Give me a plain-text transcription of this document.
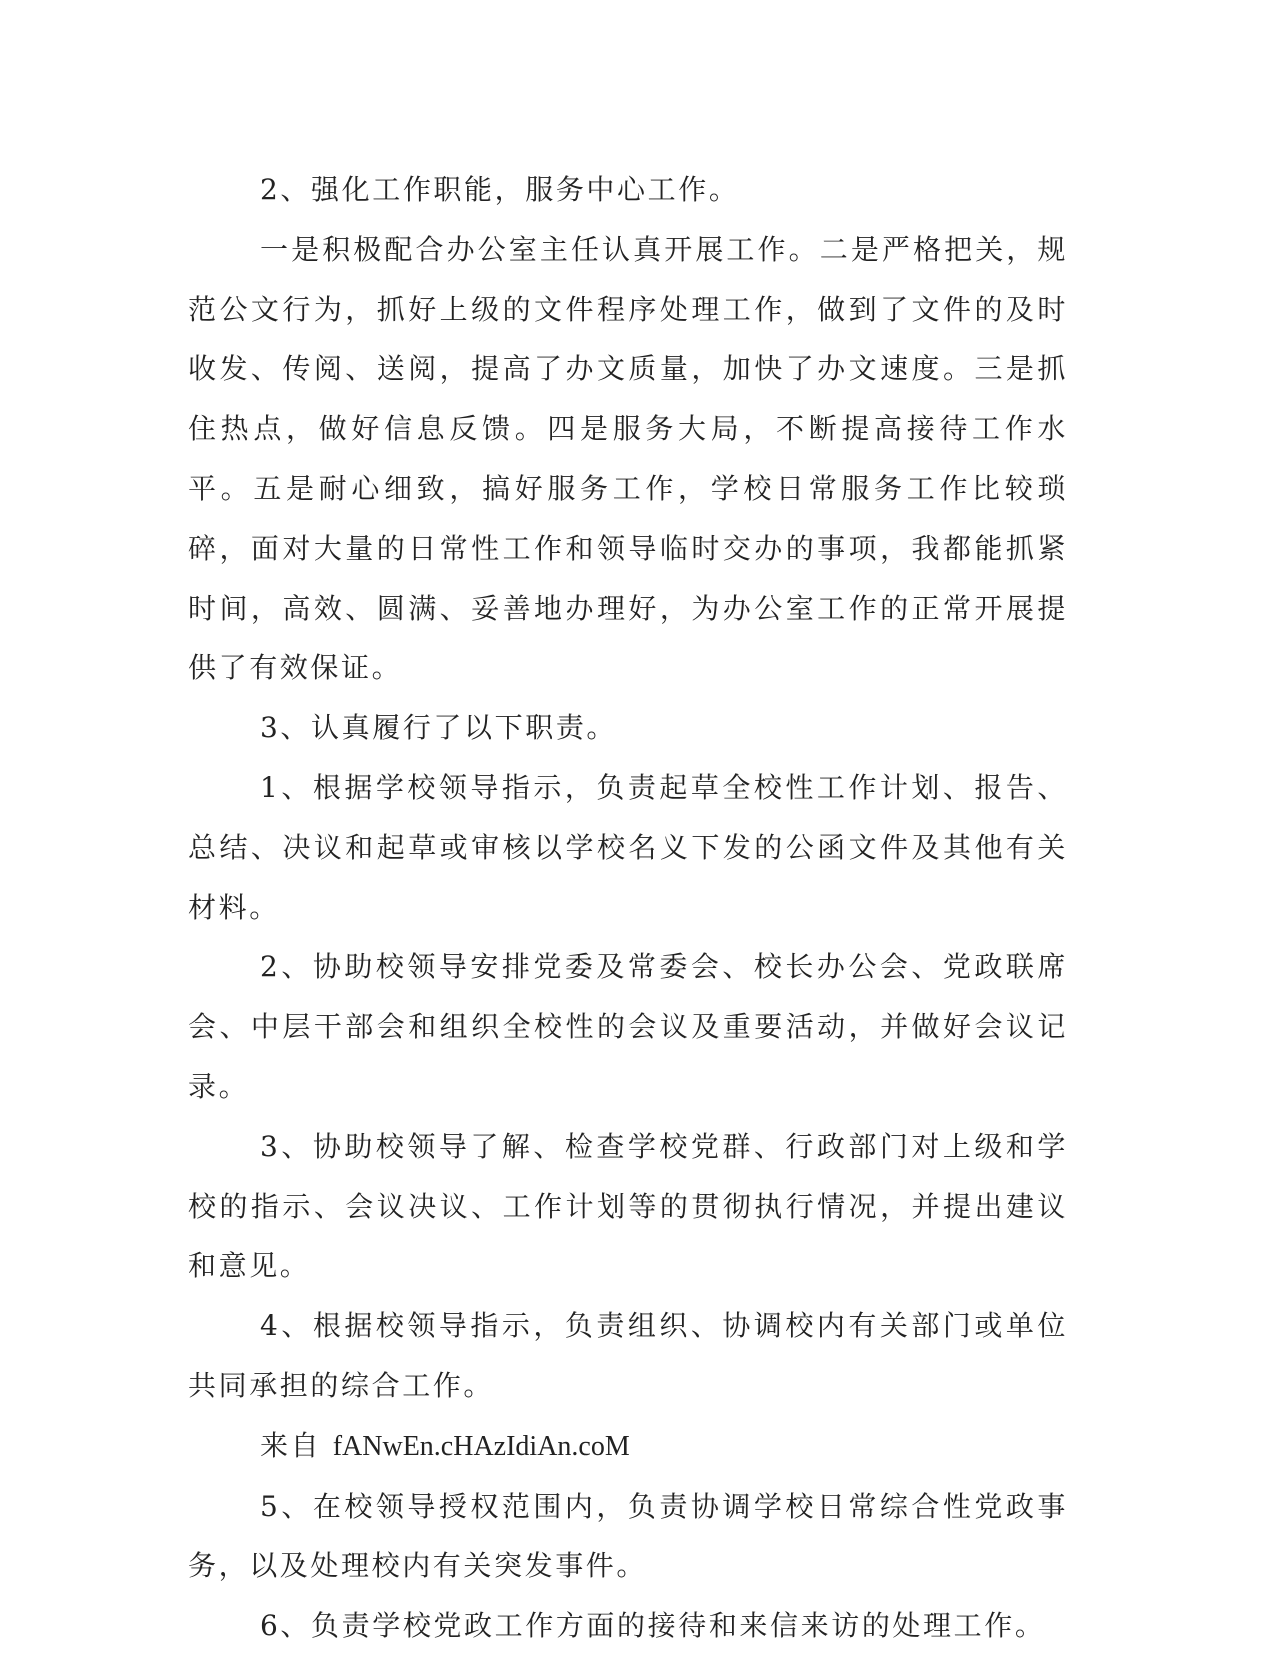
2、强化工作职能，服务中心工作。

一是积极配合办公室主任认真开展工作。二是严格把关，规范公文行为，抓好上级的文件程序处理工作，做到了文件的及时收发、传阅、送阅，提高了办文质量，加快了办文速度。三是抓住热点，做好信息反馈。四是服务大局，不断提高接待工作水平。五是耐心细致，搞好服务工作，学校日常服务工作比较琐碎，面对大量的日常性工作和领导临时交办的事项，我都能抓紧时间，高效、圆满、妥善地办理好，为办公室工作的正常开展提供了有效保证。

3、认真履行了以下职责。

1、根据学校领导指示，负责起草全校性工作计划、报告、总结、决议和起草或审核以学校名义下发的公函文件及其他有关材料。

2、协助校领导安排党委及常委会、校长办公会、党政联席会、中层干部会和组织全校性的会议及重要活动，并做好会议记录。

3、协助校领导了解、检查学校党群、行政部门对上级和学校的指示、会议决议、工作计划等的贯彻执行情况，并提出建议和意见。

4、根据校领导指示，负责组织、协调校内有关部门或单位共同承担的综合工作。

来自 fANwEn.cHAzIdiAn.coM

5、在校领导授权范围内，负责协调学校日常综合性党政事务，以及处理校内有关突发事件。

6、负责学校党政工作方面的接待和来信来访的处理工作。
